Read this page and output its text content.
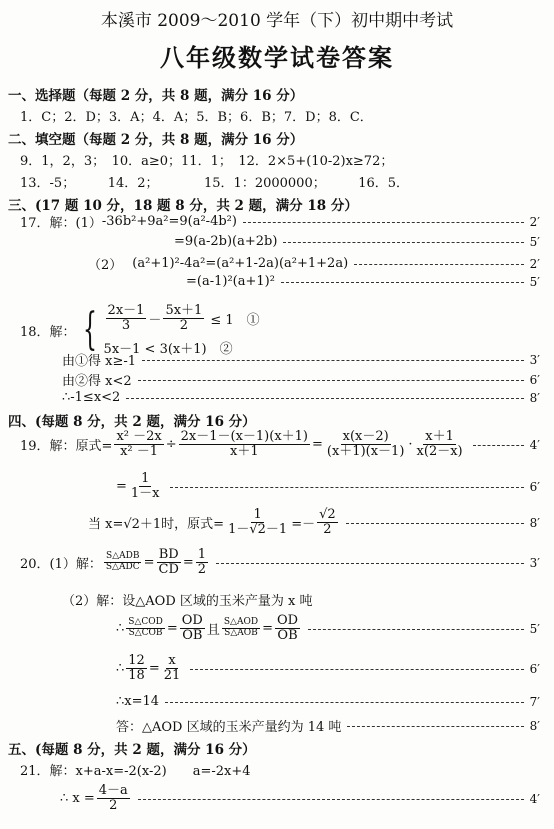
本溪市 2009～2010 学年（下）初中期中考试
八年级数学试卷答案
一、选择题（每题 2 分，共 8 题，满分 16 分）
1．C；2．D；3．A；4．A；5．B；6．B；7．D；8．C．
二、填空题（每题 2 分，共 8 题，满分 16 分）
9．1，2，3；　10．a≥0；11．1；　12．2×5+(10-2)x≥72；
13．-5；　　　14．2；　　　　15．1：2000000；　　　16．5．
三、(17 题 10 分，18 题 8 分，共 2 题，满分 18 分）
17．解：(1） -36b²+9a²=9(a²-4b²)	2′
=9(a-2b)(a+2b)	5′
（2） (a²+1)²-4a²=(a²+1-2a)(a²+1+2a)	2′
=(a-1)²(a+1)²	5′
18．解： { $\frac{2x-1}{3} - \frac{5x+1}{2} \le 1$　①
5x－1 < 3(x＋1)　②
由①得 x≥-1	3′
由②得 x<2	6′
∴-1≤x<2	8′
四、(每题 8 分，共 2 题，满分 16 分）
19．解：原式= $\frac{\text{x² －2x}}{\text{x² －1}} \div \frac{2x-1-(x-1)(x+1)}{x+1} = \frac{x(x-2)}{(x+1)(x-1)} \cdot \frac{x+1}{x(2-x)}$	4′
= $\frac{1}{1-x}$	6′
当 x=√2＋1时，原式= $\frac{1}{1-√2-1} =- \frac{√2}{2}$	8′
20．(1）解： $\frac{\text{S△ADB}}{\text{S△ADC}} = \frac{BD}{CD} = \frac{1}{2}$	3′
（2）解：设△AOD 区域的玉米产量为 x 吨
∴ $\frac{\text{S△COD}}{\text{S△COB}} = \frac{OD}{OB}$ 且 $\frac{\text{S△AOD}}{\text{S△AOB}} = \frac{OD}{OB}$	5′
∴ $\frac{12}{18} = \frac{x}{21}$	6′
∴x=14	7′
答：△AOD 区域的玉米产量约为 14 吨	8′
五、(每题 8 分，共 2 题，满分 16 分）
21．解：x+a-x=-2(x-2)　　a=-2x+4
∴ $x = \frac{4-a}{2}$	4′
